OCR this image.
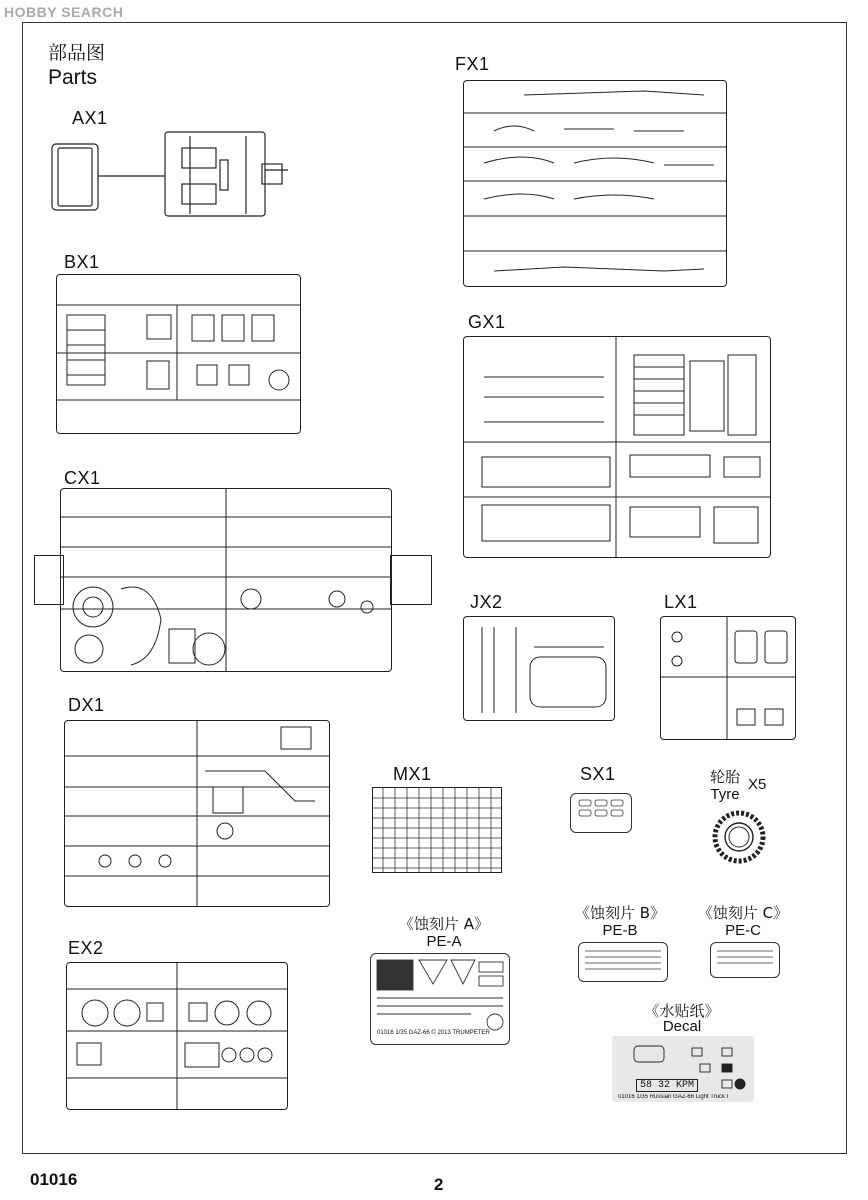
HOBBY SEARCH
部品图
Parts
AX1
BX1
CX1
DX1
EX2
FX1
GX1
JX2	LX1
MX1	SX1	轮胎
Tyre
X5
《蚀刻片 A》
PE-A
01016 1/35 GAZ-66 © 2013 TRUMPETER
《蚀刻片 B》
PE-B
《蚀刻片 C》
PE-C
《水贴纸》
Decal
58 32 KPM
01016 1/35 Russian GAZ-66 Light Truck I
01016	2
